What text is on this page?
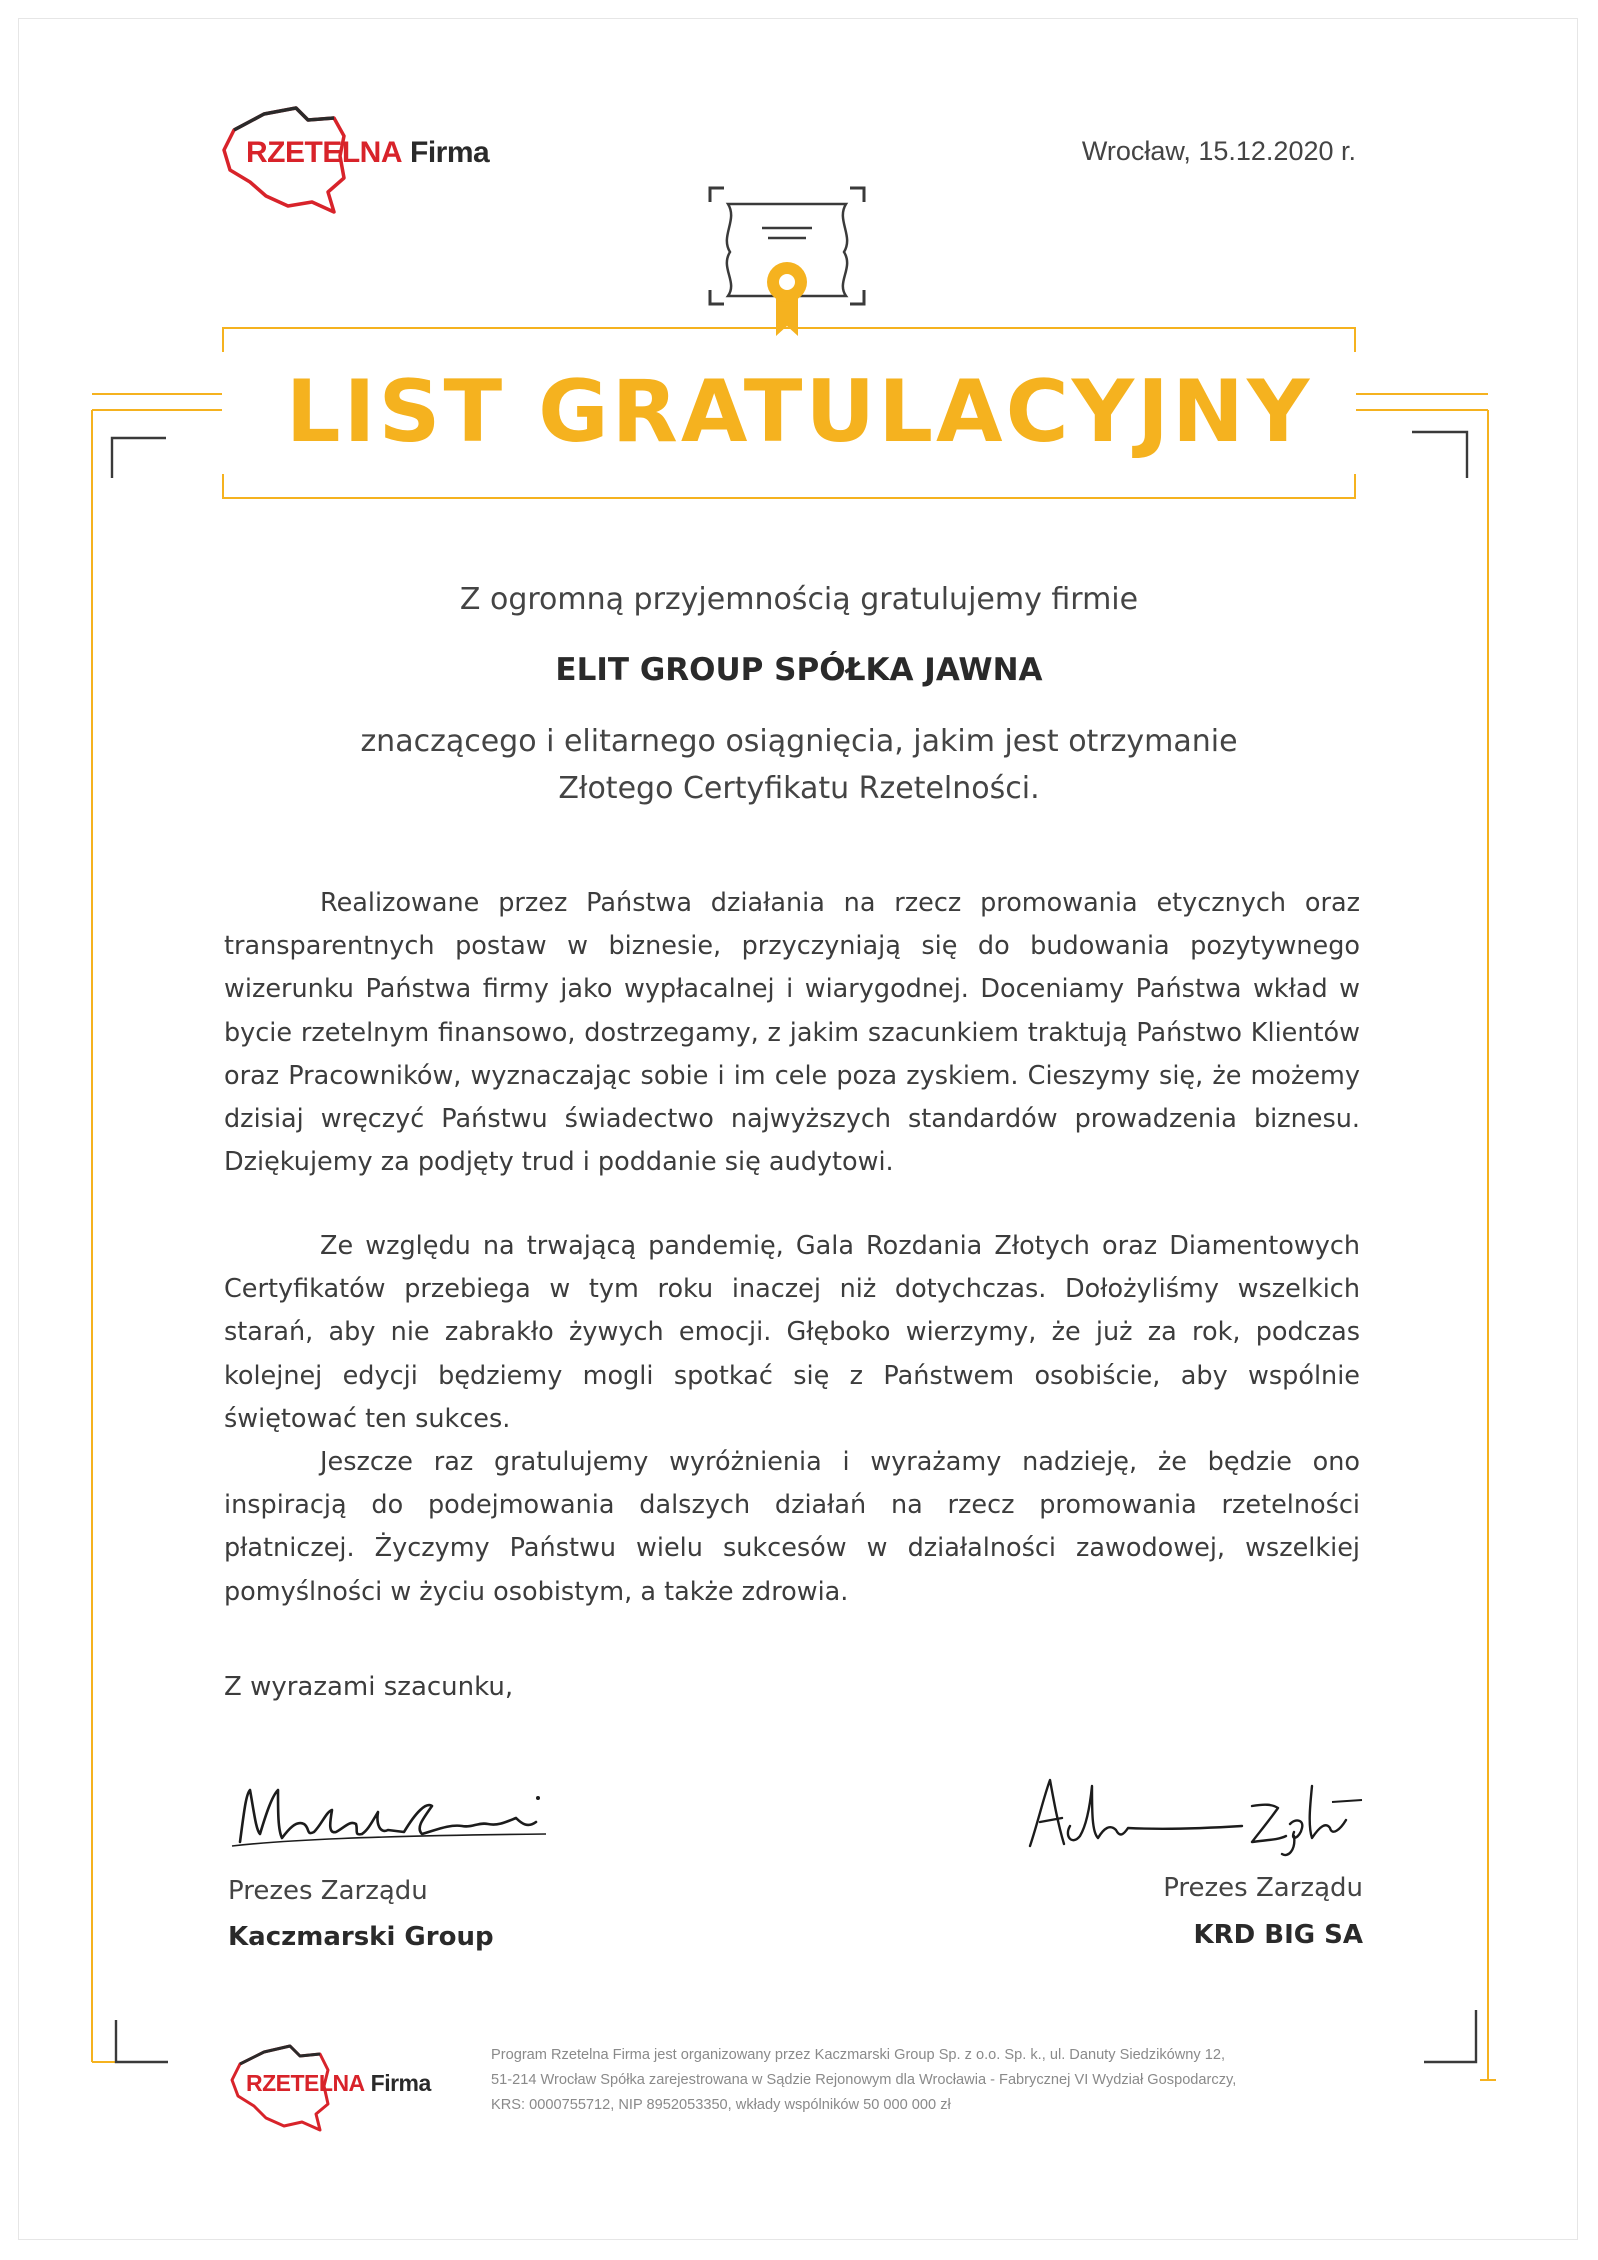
RZETELNA Firma	Wrocław, 15.12.2020 r.
LIST GRATULACYJNY
Z ogromną przyjemnością gratulujemy firmie
ELIT GROUP SPÓŁKA JAWNA
znaczącego i elitarnego osiągnięcia, jakim jest otrzymanie
Złotego Certyfikatu Rzetelności.

Realizowane przez Państwa działania na rzecz promowania etycznych oraz transparentnych postaw w biznesie, przyczyniają się do budowania pozytywnego wizerunku Państwa firmy jako wypłacalnej i wiarygodnej. Doceniamy Państwa wkład w bycie rzetelnym finansowo, dostrzegamy, z jakim szacunkiem traktują Państwo Klientów oraz Pracowników, wyznaczając sobie i im cele poza zyskiem. Cieszymy się, że możemy dzisiaj wręczyć Państwu świadectwo najwyższych standardów prowadzenia biznesu. Dziękujemy za podjęty trud i poddanie się audytowi.

Ze względu na trwającą pandemię, Gala Rozdania Złotych oraz Diamentowych Certyfikatów przebiega w tym roku inaczej niż dotychczas. Dołożyliśmy wszelkich starań, aby nie zabrakło żywych emocji. Głęboko wierzymy, że już za rok, podczas kolejnej edycji będziemy mogli spotkać się z Państwem osobiście, aby wspólnie świętować ten sukces.

Jeszcze raz gratulujemy wyróżnienia i wyrażamy nadzieję, że będzie ono inspiracją do podejmowania dalszych działań na rzecz promowania rzetelności płatniczej. Życzymy Państwu wielu sukcesów w działalności zawodowej, wszelkiej pomyślności w życiu osobistym, a także zdrowia.

Z wyrazami szacunku,
Prezes Zarządu
Kaczmarski Group
Prezes Zarządu
KRD BIG SA
RZETELNA Firma
Program Rzetelna Firma jest organizowany przez Kaczmarski Group Sp. z o.o. Sp. k., ul. Danuty Siedzikówny 12,
51-214 Wrocław Spółka zarejestrowana w Sądzie Rejonowym dla Wrocławia - Fabrycznej VI Wydział Gospodarczy,
KRS: 0000755712, NIP 8952053350, wkłady wspólników 50 000 000 zł
